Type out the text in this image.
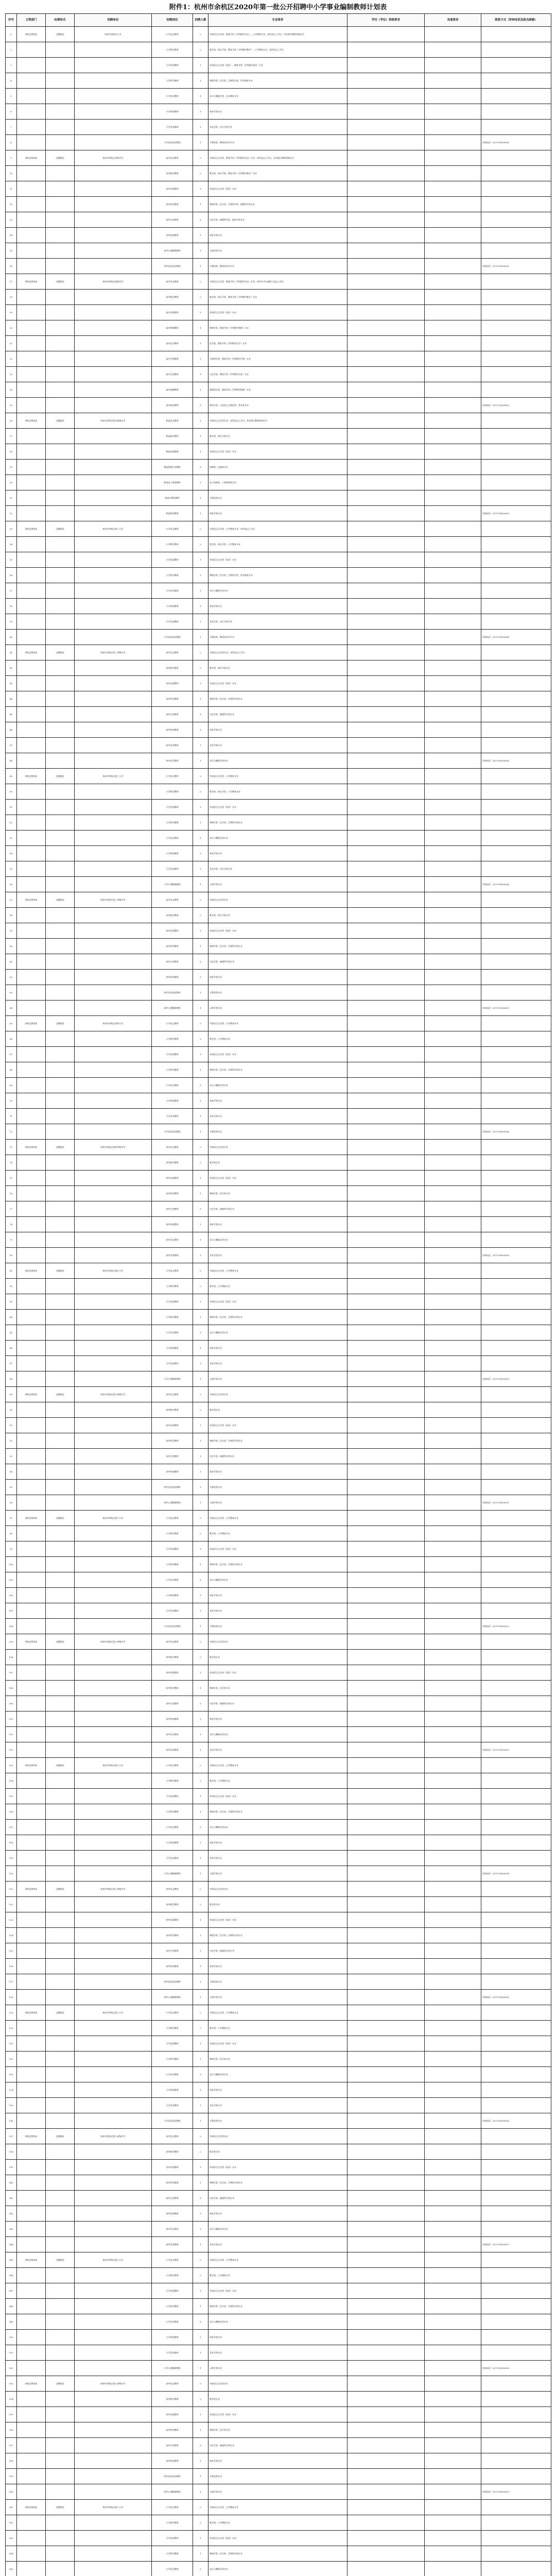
附件1：杭州市余杭区2020年第一批公开招聘中小学事业编制教师计划表
序号	主管部门	经费形式	招聘单位	招聘岗位	招聘人数	专业要求	学历（学位）资格要求	其他要求	联系方式（咨询电话及报名邮箱）
1	余杭区教育局	全额拨款	杭州市余杭区小学	小学语文教师	2	中国语言文学类、教育学类（学科教学语文）、小学教育专业；本科及以上学历，具有相应教师资格证书			
2				小学数学教师	2	数学类、统计学类、教育学类（学科教学数学）、小学教育专业；本科及以上学历			
3				小学英语教师	1	外国语言文学类（英语）、教育学类（学科教学英语）专业			
4				小学科学教师	1	物理学类、化学类、生物科学类、科学教育专业			
5				小学音乐教师	1	音乐与舞蹈学类、艺术教育专业			
6				小学体育教师	1	体育学类专业			
7				小学美术教师	1	美术学类、设计学类专业			
8				小学信息技术教师	1	计算机类、教育技术学专业			咨询电话：0571-89163000
9	余杭区教育局	全额拨款	杭州市余杭区初级中学	初中语文教师	2	中国语言文学类、教育学类（学科教学语文）专业；本科及以上学历，具有相应教师资格证书			
10				初中数学教师	2	数学类、统计学类、教育学类（学科教学数学）专业			
11				初中英语教师	1	外国语言文学类（英语）专业			
12				初中科学教师	1	物理学类、化学类、生物科学类、地理科学类专业			
13				初中社会教师	1	历史学类、地理科学类、政治学类专业			
14				初中体育教师	1	体育学类专业			
15				初中心理健康教师	1	心理学类专业			
16				初中信息技术教师	1	计算机类、教育技术学专业			咨询电话：0571-89163001
17	余杭区教育局	全额拨款	杭州市余杭区高级中学	高中语文教师	2	中国语言文学类、教育学类（学科教学语文）专业；研究生学历或硕士及以上学位			
18				高中数学教师	2	数学类、统计学类、教育学类（学科教学数学）专业			
19				高中英语教师	1	外国语言文学类（英语）专业			
20				高中物理教师	1	物理学类、教育学类（学科教学物理）专业			
21				高中化学教师	1	化学类、教育学类（学科教学化学）专业			
22				高中生物教师	1	生物科学类、教育学类（学科教学生物）专业			
23				高中历史教师	1	历史学类、教育学类（学科教学历史）专业			
24				高中地理教师	1	地理科学类、教育学类（学科教学地理）专业			
25				高中政治教师	1	政治学类、马克思主义理论类、哲学类专业			咨询电话：0571-89163002
26	余杭区教育局	全额拨款	杭州市余杭区职业高级中学	职高语文教师	1	中国语言文学类专业；本科及以上学历，具有相应教师资格证书			
27				职高数学教师	1	数学类、统计学类专业			
28				职高英语教师	1	外国语言文学类（英语）专业			
29				职高机械专业教师	1	机械类、仪器类专业			
30				职高电子商务教师	1	电子商务类、工商管理类专业			
31				职高计算机教师	1	计算机类专业			
32				职高体育教师	1	体育学类专业			咨询电话：0571-89163003
33	余杭区教育局	全额拨款	杭州市余杭区第二小学	小学语文教师	2	中国语言文学类、小学教育专业；本科及以上学历			
34				小学数学教师	2	数学类、统计学类、小学教育专业			
35				小学英语教师	1	外国语言文学类（英语）专业			
36				小学科学教师	1	物理学类、化学类、生物科学类、科学教育专业			
37				小学音乐教师	1	音乐与舞蹈学类专业			
38				小学体育教师	1	体育学类专业			
39				小学美术教师	1	美术学类、设计学类专业			
40				小学信息技术教师	1	计算机类、教育技术学专业			咨询电话：0571-89163004
41	余杭区教育局	全额拨款	杭州市余杭区第二初级中学	初中语文教师	2	中国语言文学类专业；本科及以上学历			
42				初中数学教师	2	数学类、统计学类专业			
43				初中英语教师	1	外国语言文学类（英语）专业			
44				初中科学教师	1	物理学类、化学类、生物科学类专业			
45				初中社会教师	1	历史学类、地理科学类专业			
46				初中体育教师	1	体育学类专业			
47				初中美术教师	1	美术学类专业			
48				初中音乐教师	1	音乐与舞蹈学类专业			咨询电话：0571-89163005
49	余杭区教育局	全额拨款	杭州市余杭区第三小学	小学语文教师	2	中国语言文学类、小学教育专业			
50				小学数学教师	2	数学类、统计学类、小学教育专业			
51				小学英语教师	1	外国语言文学类（英语）专业			
52				小学科学教师	1	物理学类、化学类、生物科学类专业			
53				小学音乐教师	1	音乐与舞蹈学类专业			
54				小学体育教师	1	体育学类专业			
55				小学美术教师	1	美术学类、设计学类专业			
56				小学心理健康教师	1	心理学类专业			咨询电话：0571-89163006
57	余杭区教育局	全额拨款	杭州市余杭区第三初级中学	初中语文教师	2	中国语言文学类专业			
58				初中数学教师	2	数学类、统计学类专业			
59				初中英语教师	1	外国语言文学类（英语）专业			
60				初中科学教师	1	物理学类、化学类、生物科学类专业			
61				初中社会教师	1	历史学类、地理科学类专业			
62				初中体育教师	1	体育学类专业			
63				初中信息技术教师	1	计算机类专业			
64				初中心理健康教师	1	心理学类专业			咨询电话：0571-89163007
65	余杭区教育局	全额拨款	杭州市余杭区第四小学	小学语文教师	2	中国语言文学类、小学教育专业			
66				小学数学教师	2	数学类、小学教育专业			
67				小学英语教师	1	外国语言文学类（英语）专业			
68				小学科学教师	1	物理学类、化学类、生物科学类专业			
69				小学音乐教师	1	音乐与舞蹈学类专业			
70				小学体育教师	1	体育学类专业			
71				小学美术教师	1	美术学类专业			
72				小学信息技术教师	1	计算机类专业			咨询电话：0571-89163008
73	余杭区教育局	全额拨款	杭州市余杭区第四初级中学	初中语文教师	2	中国语言文学类专业			
74				初中数学教师	2	数学类专业			
75				初中英语教师	1	外国语言文学类（英语）专业			
76				初中科学教师	1	物理学类、化学类专业			
77				初中社会教师	1	历史学类、地理科学类专业			
78				初中体育教师	1	体育学类专业			
79				初中音乐教师	1	音乐与舞蹈学类专业			
80				初中美术教师	1	美术学类专业			咨询电话：0571-89163009
81	余杭区教育局	全额拨款	杭州市余杭区第五小学	小学语文教师	2	中国语言文学类、小学教育专业			
82				小学数学教师	2	数学类、小学教育专业			
83				小学英语教师	1	外国语言文学类（英语）专业			
84				小学科学教师	1	物理学类、化学类、生物科学类专业			
85				小学音乐教师	1	音乐与舞蹈学类专业			
86				小学体育教师	1	体育学类专业			
87				小学美术教师	1	美术学类专业			
88				小学心理健康教师	1	心理学类专业			咨询电话：0571-89163010
89	余杭区教育局	全额拨款	杭州市余杭区第五初级中学	初中语文教师	2	中国语言文学类专业			
90				初中数学教师	2	数学类专业			
91				初中英语教师	1	外国语言文学类（英语）专业			
92				初中科学教师	1	物理学类、化学类、生物科学类专业			
93				初中社会教师	1	历史学类、地理科学类专业			
94				初中体育教师	1	体育学类专业			
95				初中信息技术教师	1	计算机类专业			
96				初中心理健康教师	1	心理学类专业			咨询电话：0571-89163011
97	余杭区教育局	全额拨款	杭州市余杭区第六小学	小学语文教师	2	中国语言文学类、小学教育专业			
98				小学数学教师	2	数学类、小学教育专业			
99				小学英语教师	1	外国语言文学类（英语）专业			
100				小学科学教师	1	物理学类、化学类、生物科学类专业			
101				小学音乐教师	1	音乐与舞蹈学类专业			
102				小学体育教师	1	体育学类专业			
103				小学美术教师	1	美术学类专业			
104				小学信息技术教师	1	计算机类专业			咨询电话：0571-89163012
105	余杭区教育局	全额拨款	杭州市余杭区第六初级中学	初中语文教师	2	中国语言文学类专业			
106				初中数学教师	2	数学类专业			
107				初中英语教师	1	外国语言文学类（英语）专业			
108				初中科学教师	1	物理学类、化学类专业			
109				初中社会教师	1	历史学类、地理科学类专业			
110				初中体育教师	1	体育学类专业			
111				初中音乐教师	1	音乐与舞蹈学类专业			
112				初中美术教师	1	美术学类专业			咨询电话：0571-89163013
113	余杭区教育局	全额拨款	杭州市余杭区第七小学	小学语文教师	2	中国语言文学类、小学教育专业			
114				小学数学教师	2	数学类、小学教育专业			
115				小学英语教师	1	外国语言文学类（英语）专业			
116				小学科学教师	1	物理学类、化学类、生物科学类专业			
117				小学音乐教师	1	音乐与舞蹈学类专业			
118				小学体育教师	1	体育学类专业			
119				小学美术教师	1	美术学类专业			
120				小学心理健康教师	1	心理学类专业			咨询电话：0571-89163014
121	余杭区教育局	全额拨款	杭州市余杭区第七初级中学	初中语文教师	2	中国语言文学类专业			
122				初中数学教师	2	数学类专业			
123				初中英语教师	1	外国语言文学类（英语）专业			
124				初中科学教师	1	物理学类、化学类、生物科学类专业			
125				初中社会教师	1	历史学类、地理科学类专业			
126				初中体育教师	1	体育学类专业			
127				初中信息技术教师	1	计算机类专业			
128				初中心理健康教师	1	心理学类专业			咨询电话：0571-89163015
129	余杭区教育局	全额拨款	杭州市余杭区第八小学	小学语文教师	2	中国语言文学类、小学教育专业			
130				小学数学教师	2	数学类、小学教育专业			
131				小学英语教师	1	外国语言文学类（英语）专业			
132				小学科学教师	1	物理学类、化学类专业			
133				小学音乐教师	1	音乐与舞蹈学类专业			
134				小学体育教师	1	体育学类专业			
135				小学美术教师	1	美术学类专业			
136				小学信息技术教师	1	计算机类专业			咨询电话：0571-89163016
137	余杭区教育局	全额拨款	杭州市余杭区第八初级中学	初中语文教师	2	中国语言文学类专业			
138				初中数学教师	2	数学类专业			
139				初中英语教师	1	外国语言文学类（英语）专业			
140				初中科学教师	1	物理学类、化学类、生物科学类专业			
141				初中社会教师	1	历史学类、地理科学类专业			
142				初中体育教师	1	体育学类专业			
143				初中音乐教师	1	音乐与舞蹈学类专业			
144				初中美术教师	1	美术学类专业			咨询电话：0571-89163017
145	余杭区教育局	全额拨款	杭州市余杭区第九小学	小学语文教师	2	中国语言文学类、小学教育专业			
146				小学数学教师	2	数学类、小学教育专业			
147				小学英语教师	1	外国语言文学类（英语）专业			
148				小学科学教师	1	物理学类、化学类、生物科学类专业			
149				小学音乐教师	1	音乐与舞蹈学类专业			
150				小学体育教师	1	体育学类专业			
151				小学美术教师	1	美术学类专业			
152				小学心理健康教师	1	心理学类专业			咨询电话：0571-89163018
153	余杭区教育局	全额拨款	杭州市余杭区第九初级中学	初中语文教师	2	中国语言文学类专业			
154				初中数学教师	2	数学类专业			
155				初中英语教师	1	外国语言文学类（英语）专业			
156				初中科学教师	1	物理学类、化学类专业			
157				初中社会教师	1	历史学类、地理科学类专业			
158				初中体育教师	1	体育学类专业			
159				初中信息技术教师	1	计算机类专业			
160				初中心理健康教师	1	心理学类专业			咨询电话：0571-89163019
161	余杭区教育局	全额拨款	杭州市余杭区第十小学	小学语文教师	2	中国语言文学类、小学教育专业			
162				小学数学教师	2	数学类、小学教育专业			
163				小学英语教师	1	外国语言文学类（英语）专业			
164				小学科学教师	1	物理学类、化学类、生物科学类专业			
165				小学音乐教师	1	音乐与舞蹈学类专业			
